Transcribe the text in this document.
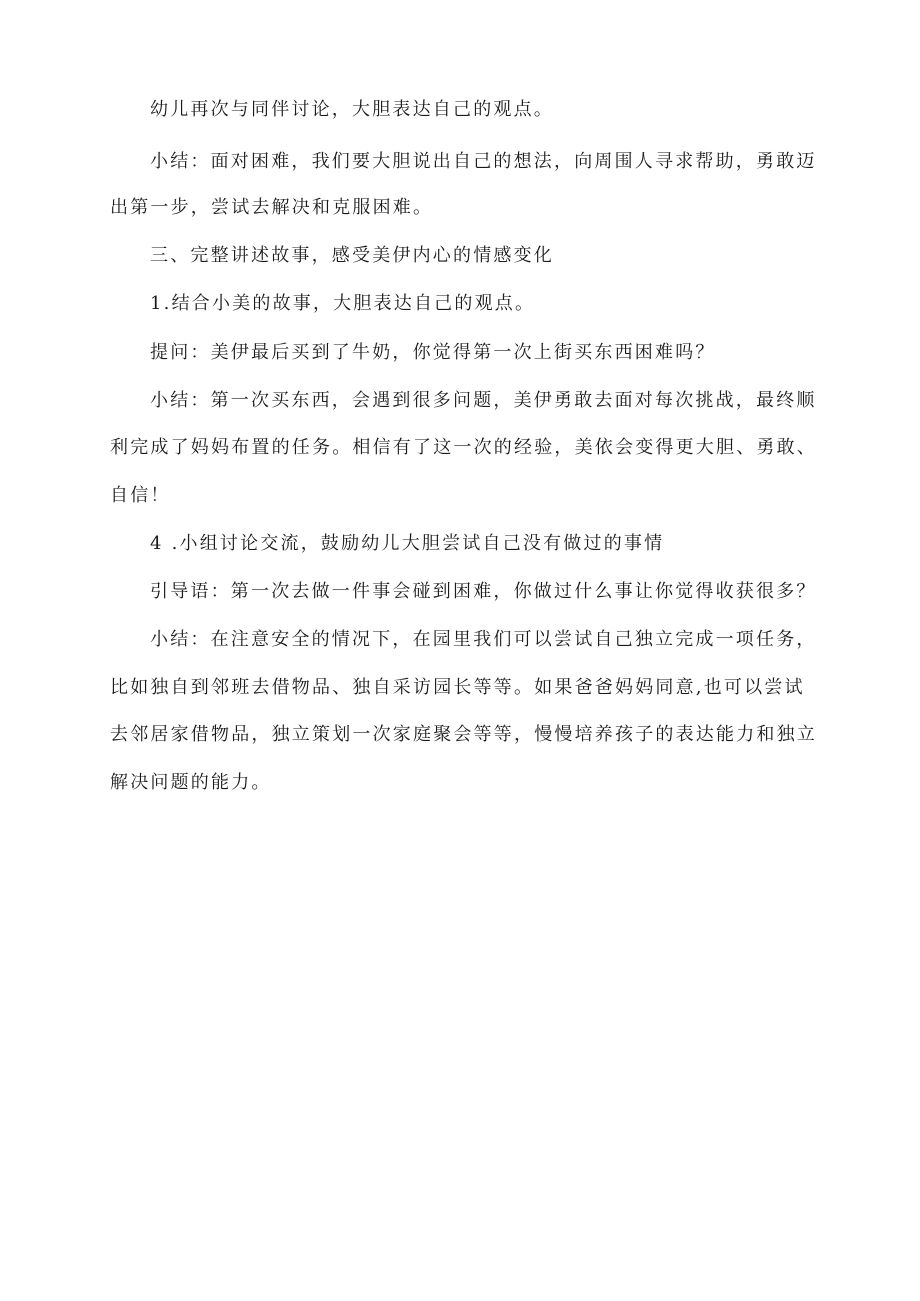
幼儿再次与同伴讨论，大胆表达自己的观点。
小结：面对困难，我们要大胆说出自己的想法，向周围人寻求帮助，勇敢迈
出第一步，尝试去解决和克服困难。
三、完整讲述故事，感受美伊内心的情感变化
1.结合小美的故事，大胆表达自己的观点。
提问：美伊最后买到了牛奶，你觉得第一次上街买东西困难吗？
小结：第一次买东西，会遇到很多问题，美伊勇敢去面对每次挑战，最终顺
利完成了妈妈布置的任务。相信有了这一次的经验，美依会变得更大胆、勇敢、
自信！
4 .小组讨论交流，鼓励幼儿大胆尝试自己没有做过的事情
引导语：第一次去做一件事会碰到困难，你做过什么事让你觉得收获很多？
小结：在注意安全的情况下，在园里我们可以尝试自己独立完成一项任务，
比如独自到邻班去借物品、独自采访园长等等。如果爸爸妈妈同意,也可以尝试
去邻居家借物品，独立策划一次家庭聚会等等，慢慢培养孩子的表达能力和独立
解决问题的能力。
